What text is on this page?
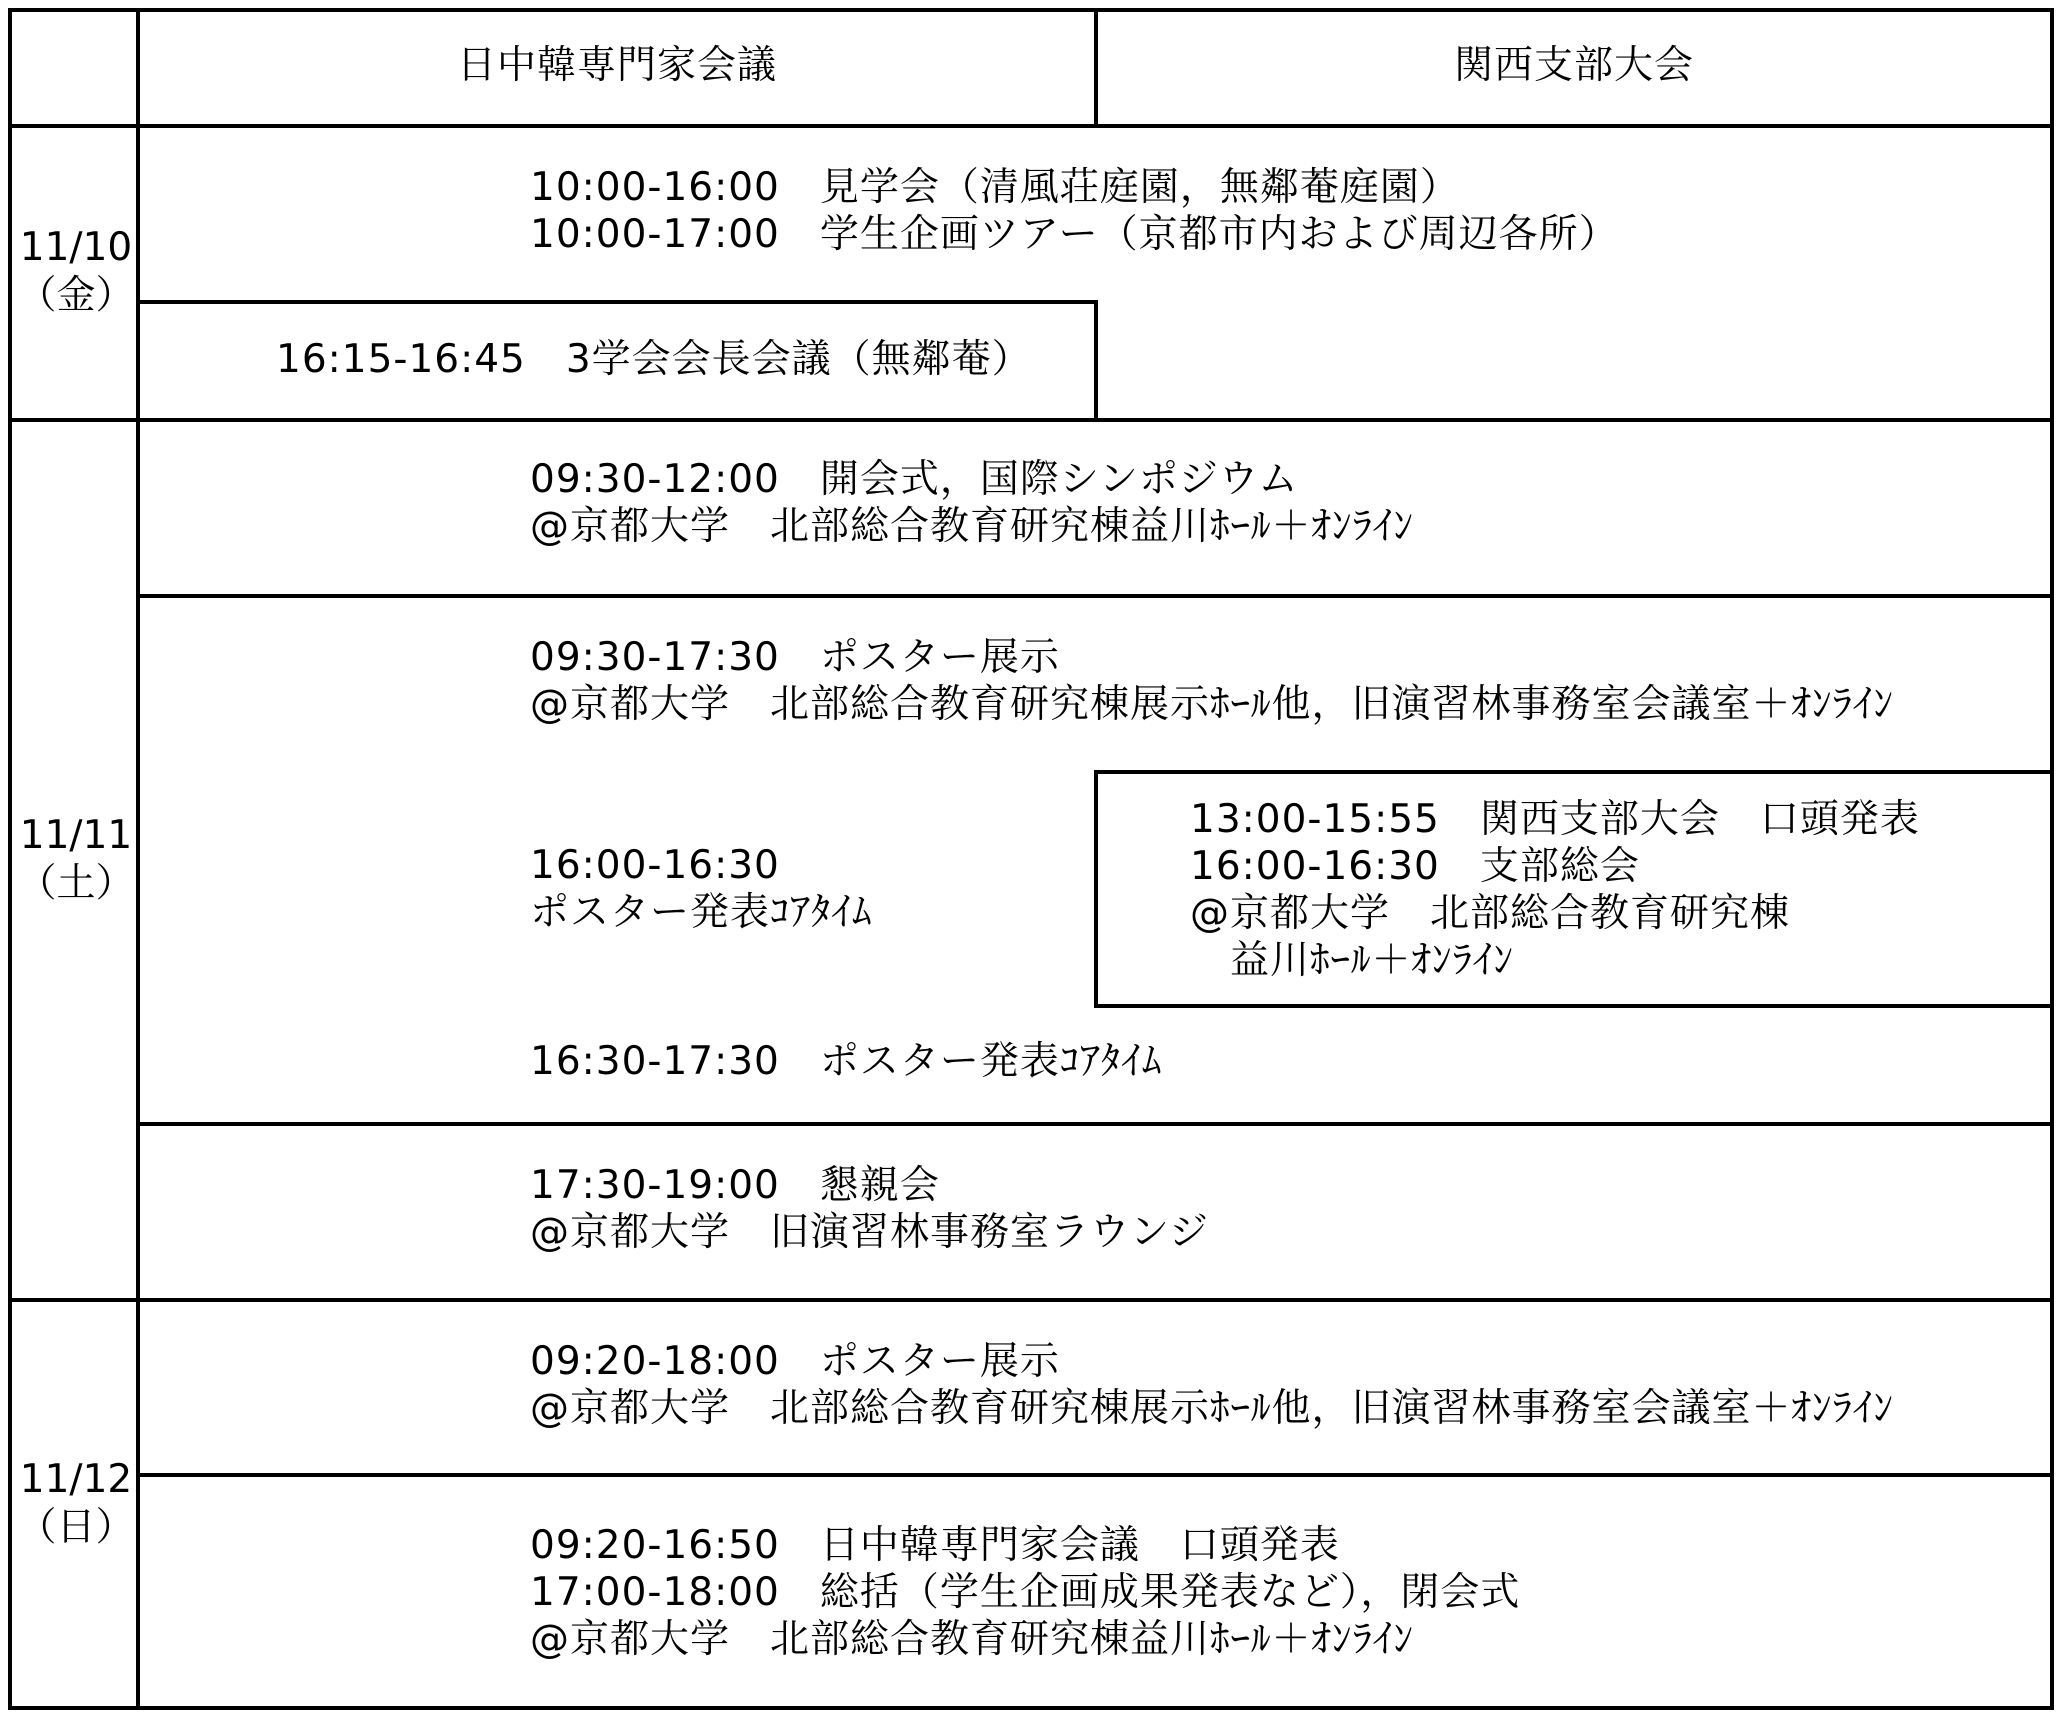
日中韓専門家会議	関西支部大会
11/10
（金）
11/11
（土）
11/12
（日）
10:00-16:00　見学会（清風荘庭園，無鄰菴庭園）
10:00-17:00　学生企画ツアー（京都市内および周辺各所）
16:15-16:45　3学会会長会議（無鄰菴）
09:30-12:00　開会式，国際シンポジウム
@京都大学　北部総合教育研究棟益川ﾎｰﾙ＋ｵﾝﾗｲﾝ
09:30-17:30　ポスター展示
@京都大学　北部総合教育研究棟展示ﾎｰﾙ他，旧演習林事務室会議室＋ｵﾝﾗｲﾝ
16:00-16:30
ポスター発表ｺｱﾀｲﾑ
13:00-15:55　関西支部大会　口頭発表
16:00-16:30　支部総会
@京都大学　北部総合教育研究棟
　益川ﾎｰﾙ＋ｵﾝﾗｲﾝ
16:30-17:30　ポスター発表ｺｱﾀｲﾑ
17:30-19:00　懇親会
@京都大学　旧演習林事務室ラウンジ
09:20-18:00　ポスター展示
@京都大学　北部総合教育研究棟展示ﾎｰﾙ他，旧演習林事務室会議室＋ｵﾝﾗｲﾝ
09:20-16:50　日中韓専門家会議　口頭発表
17:00-18:00　総括（学生企画成果発表など），閉会式
@京都大学　北部総合教育研究棟益川ﾎｰﾙ＋ｵﾝﾗｲﾝ
